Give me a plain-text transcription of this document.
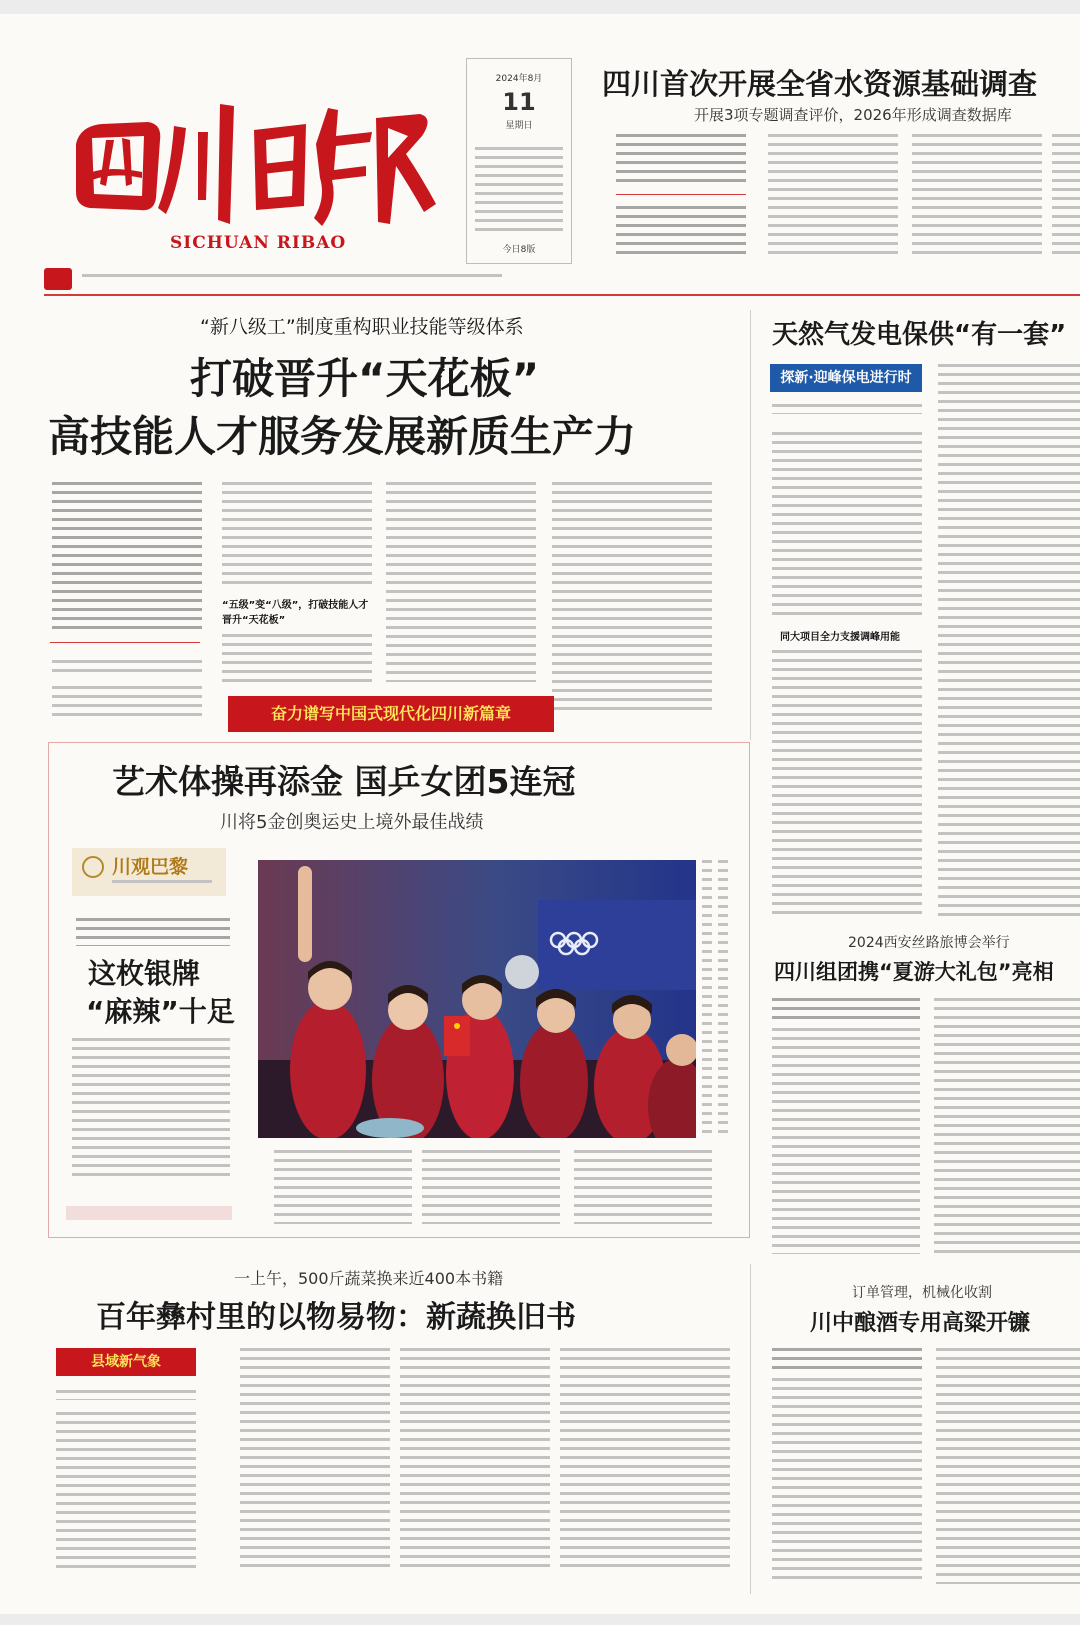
SICHUAN RIBAO
2024年8月
11
星期日
今日8版
四川首次开展全省水资源基础调查
开展3项专题调查评价，2026年形成调查数据库
“新八级工”制度重构职业技能等级体系
打破晋升“天花板”
高技能人才服务发展新质生产力
“五级”变“八级”，打破技能人才晋升“天花板”
奋力谱写中国式现代化四川新篇章
天然气发电保供“有一套”
探新·迎峰保电进行时
同大项目全力支援调峰用能
艺术体操再添金 国乒女团5连冠
川将5金创奥运史上境外最佳战绩
川观巴黎
这枚银牌
“麻辣”十足
2024西安丝路旅博会举行
四川组团携“夏游大礼包”亮相
一上午，500斤蔬菜换来近400本书籍
百年彝村里的以物易物：新蔬换旧书
县域新气象
订单管理，机械化收割
川中酿酒专用高粱开镰
